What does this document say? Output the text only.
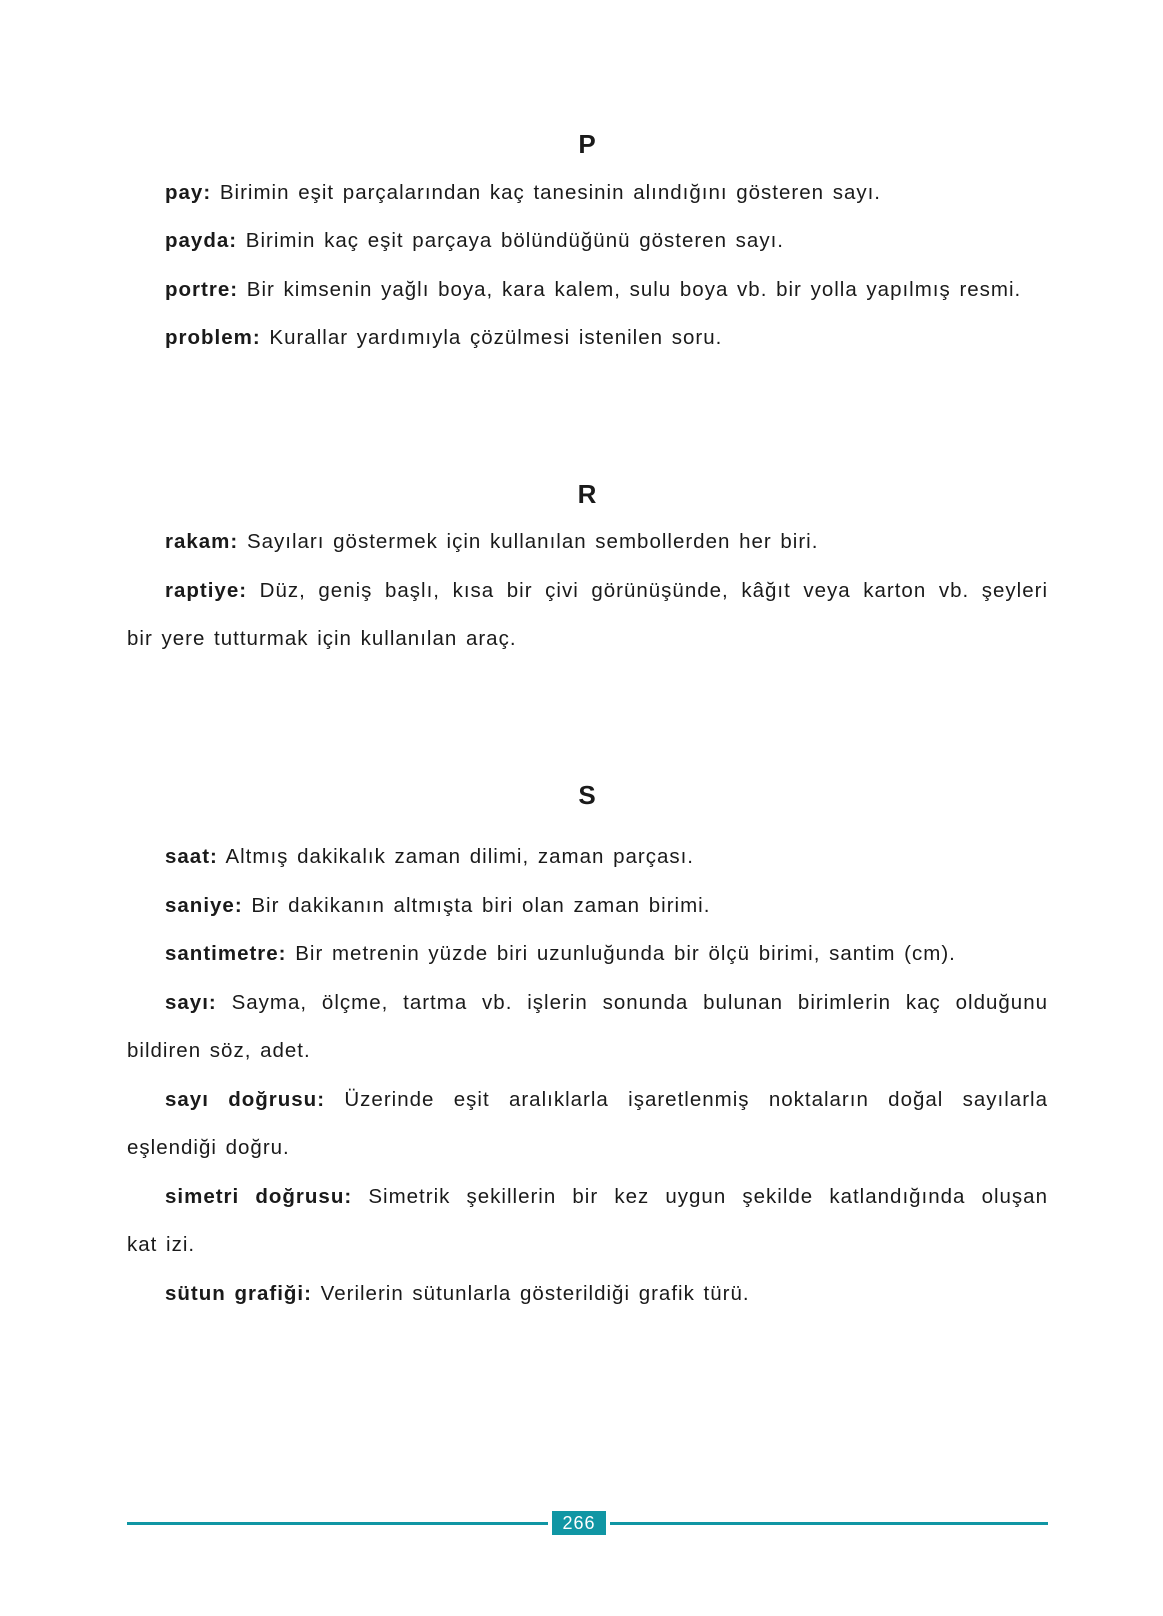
P

pay: Birimin eşit parçalarından kaç tanesinin alındığını gösteren sayı.

payda: Birimin kaç eşit parçaya bölündüğünü gösteren sayı.

portre: Bir kimsenin yağlı boya, kara kalem, sulu boya vb. bir yolla yapılmış resmi.

problem: Kurallar yardımıyla çözülmesi istenilen soru.

R

rakam: Sayıları göstermek için kullanılan sembollerden her biri.

raptiye: Düz, geniş başlı, kısa bir çivi görünüşünde, kâğıt veya karton vb. şeyleri
bir yere tutturmak için kullanılan araç.

S

saat: Altmış dakikalık zaman dilimi, zaman parçası.

saniye: Bir dakikanın altmışta biri olan zaman birimi.

santimetre: Bir metrenin yüzde biri uzunluğunda bir ölçü birimi, santim (cm).

sayı: Sayma, ölçme, tartma vb. işlerin sonunda bulunan birimlerin kaç olduğunu
bildiren söz, adet.

sayı doğrusu: Üzerinde eşit aralıklarla işaretlenmiş noktaların doğal sayılarla
eşlendiği doğru.

simetri doğrusu: Simetrik şekillerin bir kez uygun şekilde katlandığında oluşan
kat izi.

sütun grafiği: Verilerin sütunlarla gösterildiği grafik türü.

266
